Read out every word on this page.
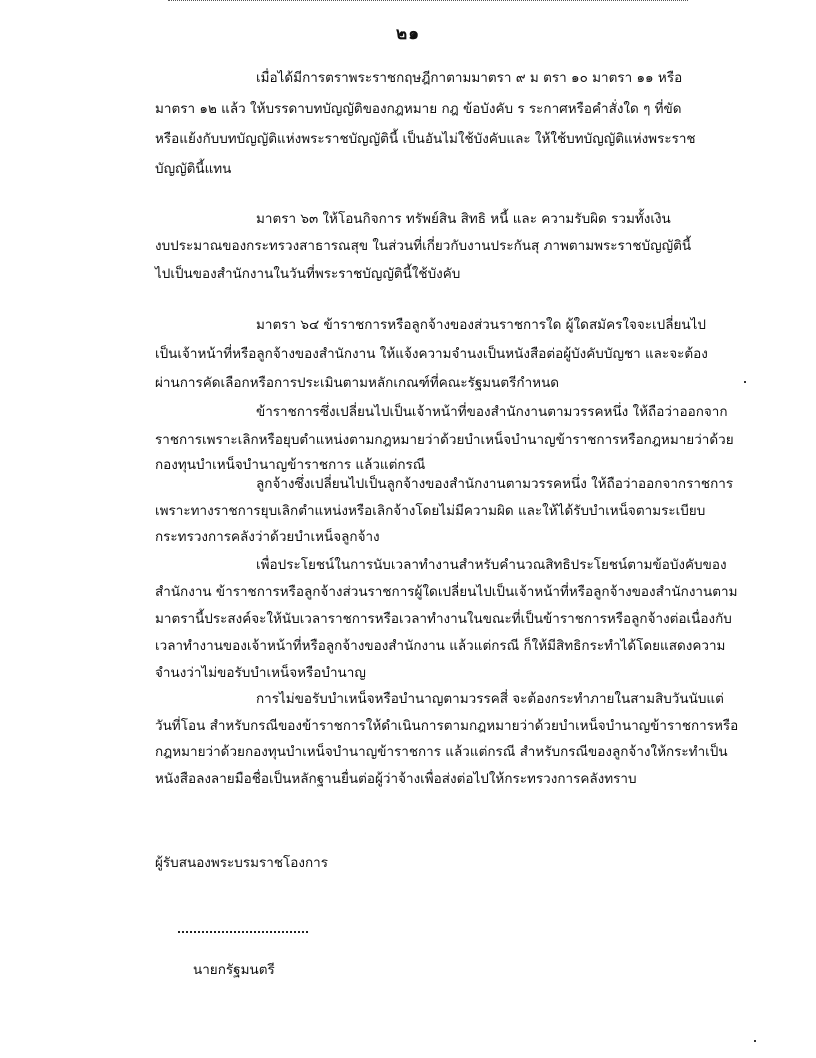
๒๑
เมื่อได้มีการตราพระราชกฤษฎีกาตามมาตรา ๙ ม ตรา ๑๐ มาตรา ๑๑ หรือ
มาตรา ๑๒ แล้ว ให้บรรดาบทบัญญัติของกฎหมาย กฎ ข้อบังคับ ร ระกาศหรือคำสั่งใด ๆ ที่ขัด
หรือแย้งกับบทบัญญัติแห่งพระราชบัญญัตินี้ เป็นอันไม่ใช้บังคับและ ให้ใช้บทบัญญัติแห่งพระราช
บัญญัตินี้แทน
มาตรา ๖๓ ให้โอนกิจการ ทรัพย์สิน สิทธิ หนี้ และ ความรับผิด รวมทั้งเงิน
งบประมาณของกระทรวงสาธารณสุข ในส่วนที่เกี่ยวกับงานประกันสุ ภาพตามพระราชบัญญัตินี้
ไปเป็นของสำนักงานในวันที่พระราชบัญญัตินี้ใช้บังคับ
มาตรา ๖๔ ข้าราชการหรือลูกจ้างของส่วนราชการใด ผู้ใดสมัครใจจะเปลี่ยนไป
เป็นเจ้าหน้าที่หรือลูกจ้างของสำนักงาน ให้แจ้งความจำนงเป็นหนังสือต่อผู้บังคับบัญชา และจะต้อง
ผ่านการคัดเลือกหรือการประเมินตามหลักเกณฑ์ที่คณะรัฐมนตรีกำหนด
ข้าราชการซึ่งเปลี่ยนไปเป็นเจ้าหน้าที่ของสำนักงานตามวรรคหนึ่ง ให้ถือว่าออกจาก
ราชการเพราะเลิกหรือยุบตำแหน่งตามกฎหมายว่าด้วยบำเหน็จบำนาญข้าราชการหรือกฎหมายว่าด้วย
กองทุนบำเหน็จบำนาญข้าราชการ แล้วแต่กรณี
ลูกจ้างซึ่งเปลี่ยนไปเป็นลูกจ้างของสำนักงานตามวรรคหนึ่ง ให้ถือว่าออกจากราชการ
เพราะทางราชการยุบเลิกตำแหน่งหรือเลิกจ้างโดยไม่มีความผิด และให้ได้รับบำเหน็จตามระเบียบ
กระทรวงการคลังว่าด้วยบำเหน็จลูกจ้าง
เพื่อประโยชน์ในการนับเวลาทำงานสำหรับคำนวณสิทธิประโยชน์ตามข้อบังคับของ
สำนักงาน ข้าราชการหรือลูกจ้างส่วนราชการผู้ใดเปลี่ยนไปเป็นเจ้าหน้าที่หรือลูกจ้างของสำนักงานตาม
มาตรานี้ประสงค์จะให้นับเวลาราชการหรือเวลาทำงานในขณะที่เป็นข้าราชการหรือลูกจ้างต่อเนื่องกับ
เวลาทำงานของเจ้าหน้าที่หรือลูกจ้างของสำนักงาน แล้วแต่กรณี ก็ให้มีสิทธิกระทำได้โดยแสดงความ
จำนงว่าไม่ขอรับบำเหน็จหรือบำนาญ
การไม่ขอรับบำเหน็จหรือบำนาญตามวรรคสี่ จะต้องกระทำภายในสามสิบวันนับแต่
วันที่โอน สำหรับกรณีของข้าราชการให้ดำเนินการตามกฎหมายว่าด้วยบำเหน็จบำนาญข้าราชการหรือ
กฎหมายว่าด้วยกองทุนบำเหน็จบำนาญข้าราชการ แล้วแต่กรณี สำหรับกรณีของลูกจ้างให้กระทำเป็น
หนังสือลงลายมือชื่อเป็นหลักฐานยื่นต่อผู้ว่าจ้างเพื่อส่งต่อไปให้กระทรวงการคลังทราบ
ผู้รับสนองพระบรมราชโองการ
นายกรัฐมนตรี
